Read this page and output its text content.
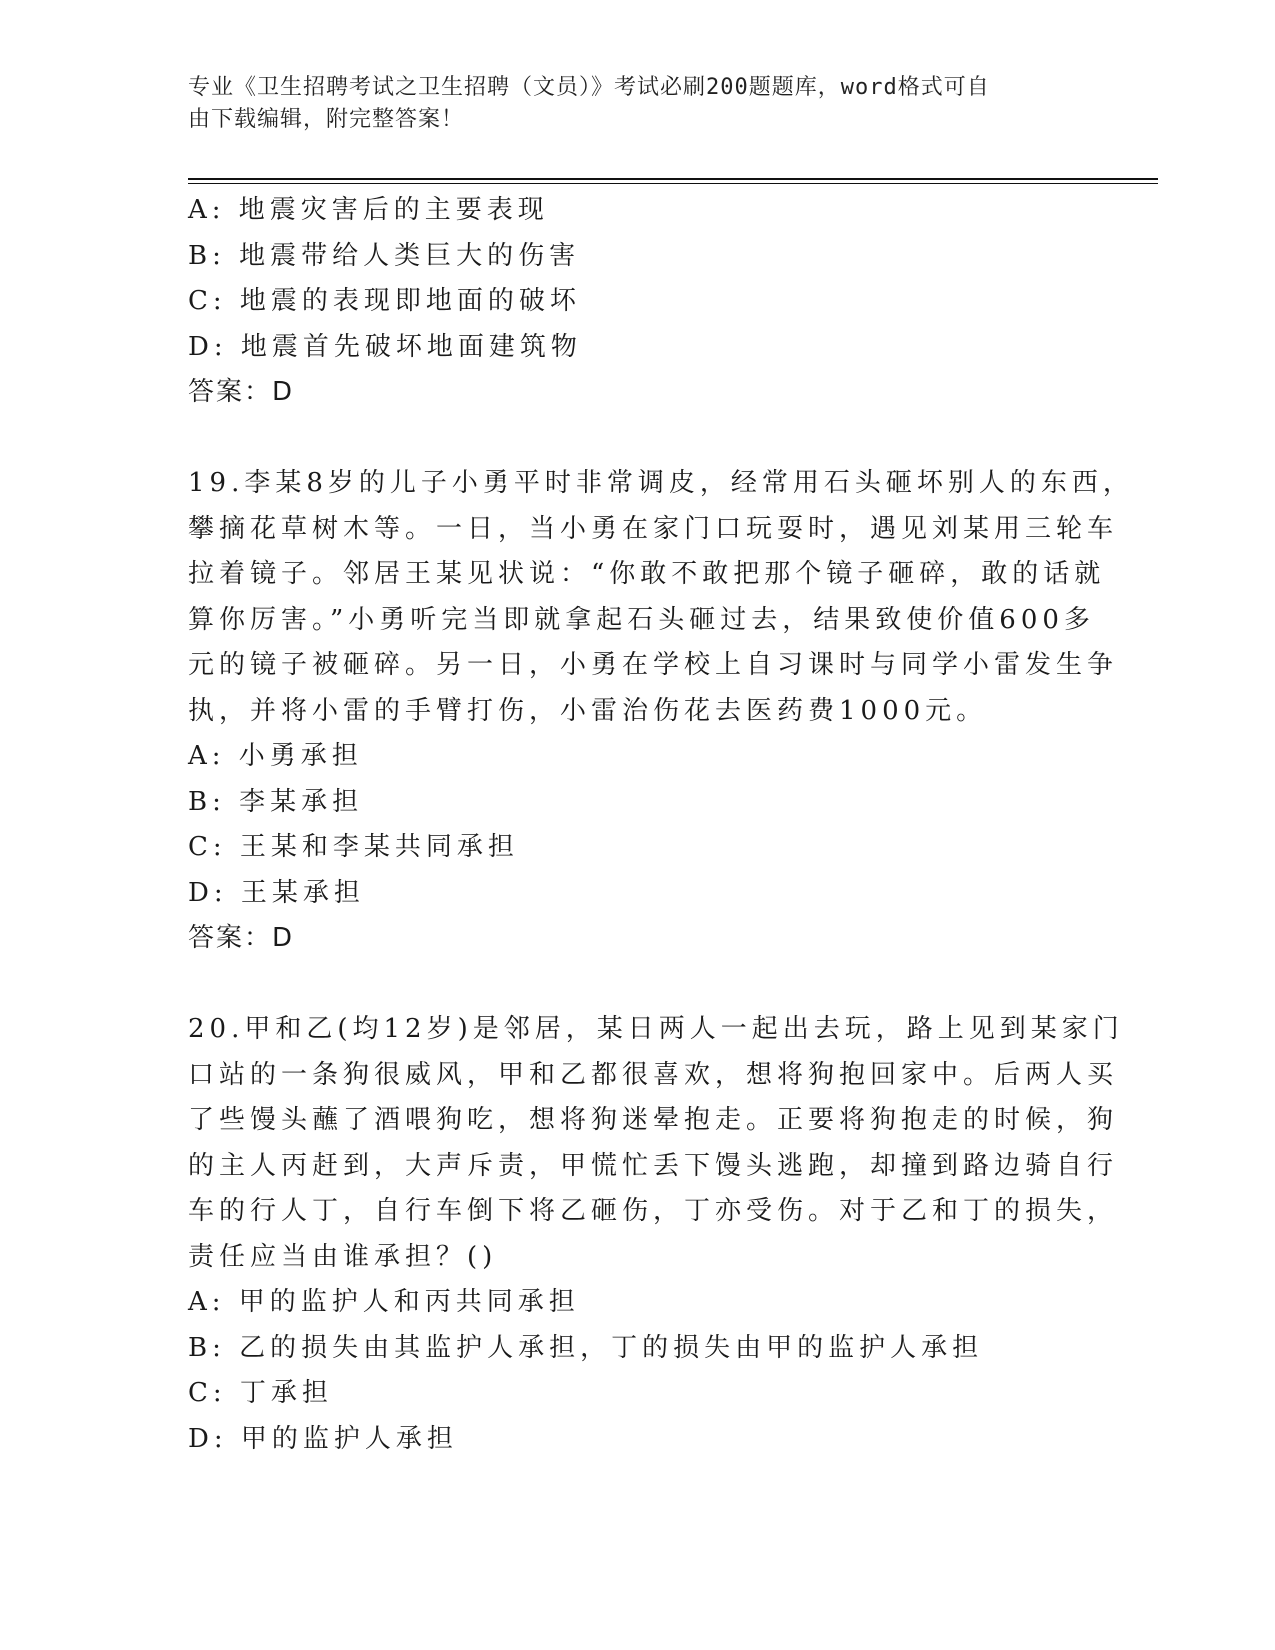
专业《卫生招聘考试之卫生招聘（文员）》考试必刷200题题库，word格式可自
由下载编辑，附完整答案！
A: 地震灾害后的主要表现
B: 地震带给人类巨大的伤害
C: 地震的表现即地面的破坏
D: 地震首先破坏地面建筑物
答案：D
19.李某8岁的儿子小勇平时非常调皮，经常用石头砸坏别人的东西，
攀摘花草树木等。一日，当小勇在家门口玩耍时，遇见刘某用三轮车
拉着镜子。邻居王某见状说：“你敢不敢把那个镜子砸碎，敢的话就
算你厉害。”小勇听完当即就拿起石头砸过去，结果致使价值600多
元的镜子被砸碎。另一日，小勇在学校上自习课时与同学小雷发生争
执，并将小雷的手臂打伤，小雷治伤花去医药费1000元。
A: 小勇承担
B: 李某承担
C: 王某和李某共同承担
D: 王某承担
答案：D
20.甲和乙(均12岁)是邻居，某日两人一起出去玩，路上见到某家门
口站的一条狗很威风，甲和乙都很喜欢，想将狗抱回家中。后两人买
了些馒头蘸了酒喂狗吃，想将狗迷晕抱走。正要将狗抱走的时候，狗
的主人丙赶到，大声斥责，甲慌忙丢下馒头逃跑，却撞到路边骑自行
车的行人丁，自行车倒下将乙砸伤，丁亦受伤。对于乙和丁的损失，
责任应当由谁承担？()
A: 甲的监护人和丙共同承担
B: 乙的损失由其监护人承担，丁的损失由甲的监护人承担
C: 丁承担
D: 甲的监护人承担
